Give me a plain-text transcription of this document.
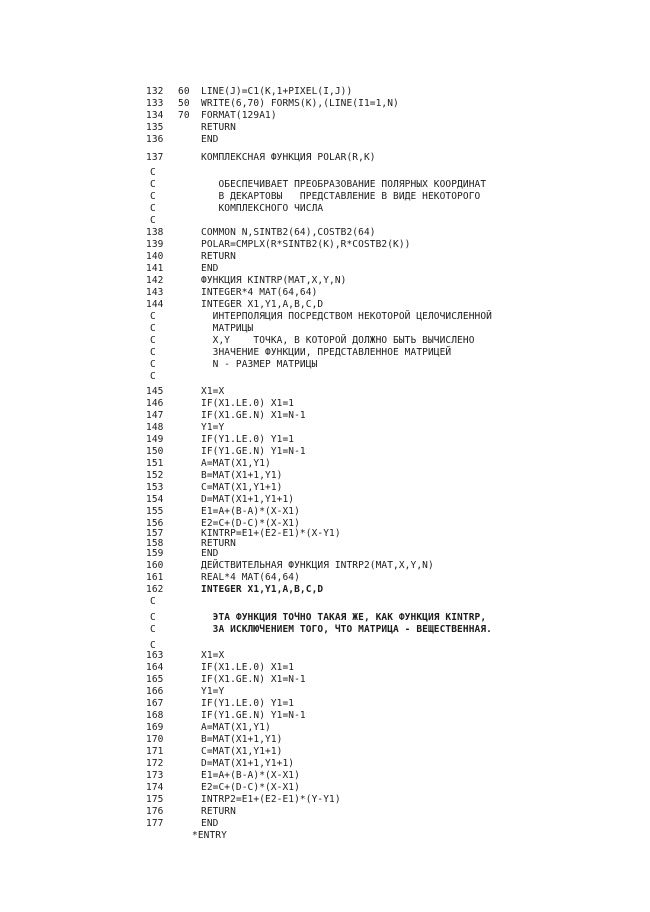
132 60 LINE(J)=C1(K,1+PIXEL(I,J))
133 50 WRITE(6,70) FORMS(K),(LINE(I1=1,N)
134 70 FORMAT(129A1)
135	RETURN
136	END
137	КОМПЛЕКСНАЯ ФУНКЦИЯ POLAR(R,K)
C
C	ОБЕСПЕЧИВАЕТ ПРЕОБРАЗОВАНИЕ ПОЛЯРНЫХ КООРДИНАТ
C	В ДЕКАРТОВЫ   ПРЕДСТАВЛЕНИЕ В ВИДЕ НЕКОТОРОГО
C	КОМПЛЕКСНОГО ЧИСЛА
C
138	COMMON N,SINTB2(64),COSTB2(64)
139	POLAR=CMPLX(R*SINTB2(K),R*COSTB2(K))
140	RETURN
141	END
142	ФУНКЦИЯ KINTRP(MAT,X,Y,N)
143	INTEGER*4 MAT(64,64)
144	INTEGER X1,Y1,A,B,C,D
C	ИНТЕРПОЛЯЦИЯ ПОСРЕДСТВОМ НЕКОТОРОЙ ЦЕЛОЧИСЛЕННОЙ
C	МАТРИЦЫ
C	X,Y    ТОЧКА, В КОТОРОЙ ДОЛЖНО БЫТЬ ВЫЧИСЛЕНО
C	ЗНАЧЕНИЕ ФУНКЦИИ, ПРЕДСТАВЛЕННОЕ МАТРИЦЕЙ
C	N - РАЗМЕР МАТРИЦЫ
C
145	X1=X
146	IF(X1.LE.0) X1=1
147	IF(X1.GE.N) X1=N-1
148	Y1=Y
149	IF(Y1.LE.0) Y1=1
150	IF(Y1.GE.N) Y1=N-1
151	A=MAT(X1,Y1)
152	B=MAT(X1+1,Y1)
153	C=MAT(X1,Y1+1)
154	D=MAT(X1+1,Y1+1)
155	E1=A+(B-A)*(X-X1)
156	E2=C+(D-C)*(X-X1)
157	KINTRP=E1+(E2-E1)*(X-Y1)
158	RETURN
159	END
160	ДЕЙСТВИТЕЛЬНАЯ ФУНКЦИЯ INTRP2(MAT,X,Y,N)
161	REAL*4 MAT(64,64)
162	INTEGER X1,Y1,A,B,C,D
C
C	ЭТА ФУНКЦИЯ ТОЧНО ТАКАЯ ЖЕ, КАК ФУНКЦИЯ KINTRP,
C	ЗА ИСКЛЮЧЕНИЕМ ТОГО, ЧТО МАТРИЦА - ВЕЩЕСТВЕННАЯ.
C
163	X1=X
164	IF(X1.LE.0) X1=1
165	IF(X1.GE.N) X1=N-1
166	Y1=Y
167	IF(Y1.LE.0) Y1=1
168	IF(Y1.GE.N) Y1=N-1
169	A=MAT(X1,Y1)
170	B=MAT(X1+1,Y1)
171	C=MAT(X1,Y1+1)
172	D=MAT(X1+1,Y1+1)
173	E1=A+(B-A)*(X-X1)
174	E2=C+(D-C)*(X-X1)
175	INTRP2=E1+(E2-E1)*(Y-Y1)
176	RETURN
177	END
*ENTRY
